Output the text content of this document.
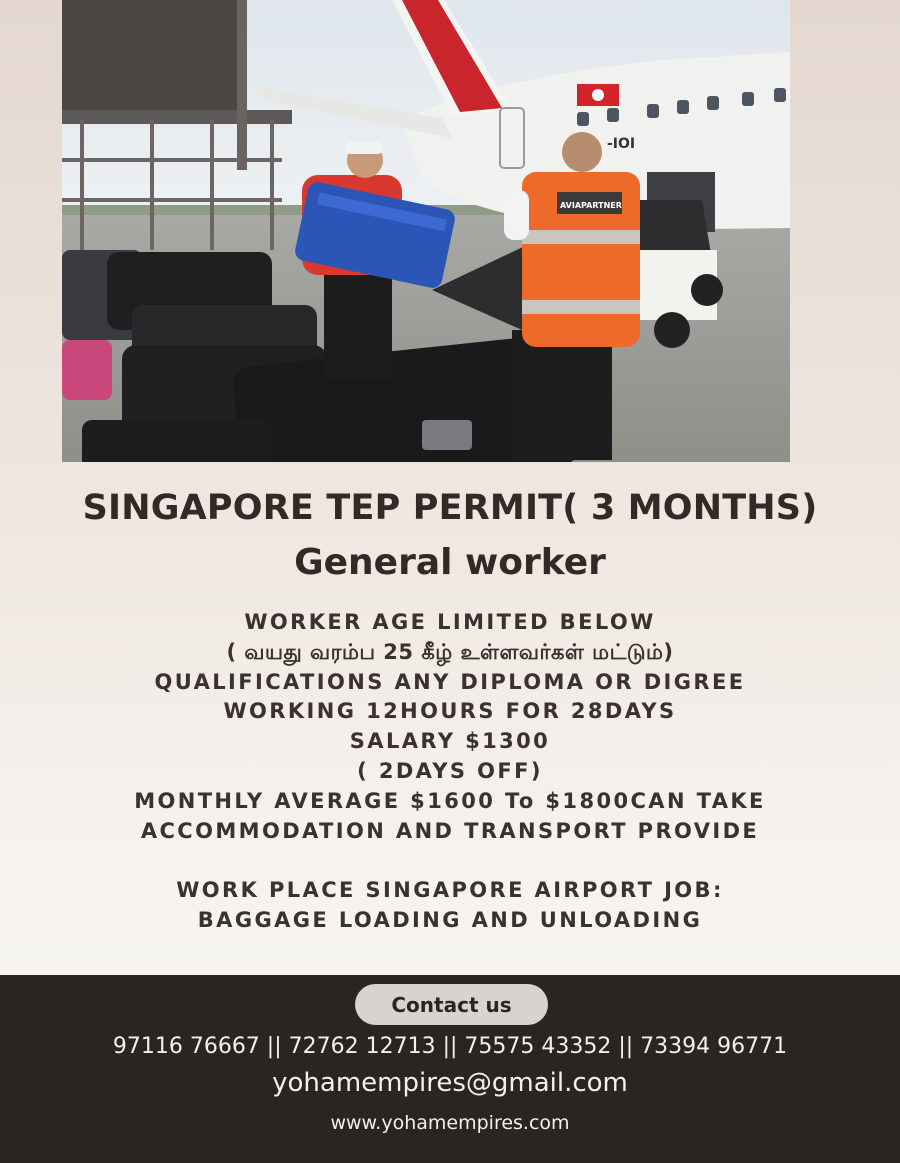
-IOI
AVIAPARTNER
SINGAPORE TEP PERMIT( 3 MONTHS)
General worker
WORKER AGE LIMITED BELOW
( வயது வரம்ப 25 கீழ் உள்ளவர்கள் மட்டும்)
QUALIFICATIONS ANY DIPLOMA OR DIGREE
WORKING 12HOURS FOR 28DAYS
SALARY $1300
( 2DAYS OFF)
MONTHLY AVERAGE $1600 To $1800CAN TAKE
ACCOMMODATION AND TRANSPORT PROVIDE
WORK PLACE SINGAPORE AIRPORT JOB:
BAGGAGE LOADING AND UNLOADING
Contact us
97116 76667 || 72762 12713 || 75575 43352 || 73394 96771
yohamempires@gmail.com
www.yohamempires.com
